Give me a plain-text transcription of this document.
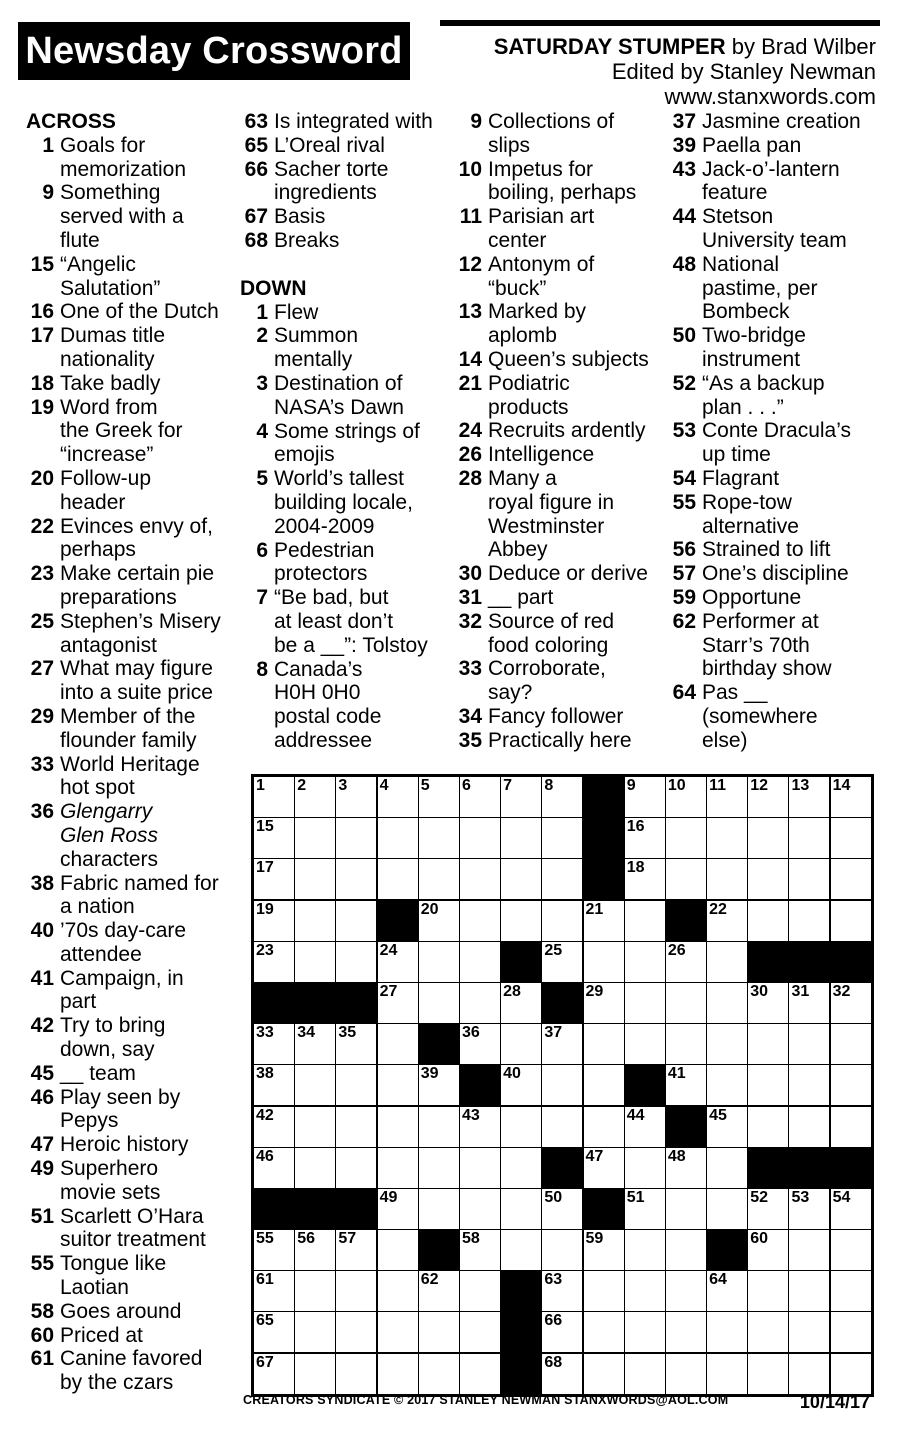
Newsday Crossword	SATURDAY STUMPER by Brad Wilber
Edited by Stanley Newman
www.stanxwords.com
ACROSS
1 Goals for
memorization
9 Something
served with a
flute
15 “Angelic
Salutation”
16 One of the Dutch
17 Dumas title
nationality
18 Take badly
19 Word from
the Greek for
“increase”
20 Follow-up
header
22 Evinces envy of,
perhaps
23 Make certain pie
preparations
25 Stephen’s Misery
antagonist
27 What may figure
into a suite price
29 Member of the
flounder family
33 World Heritage
hot spot
36 Glengarry
Glen Ross
characters
38 Fabric named for
a nation
40 ’70s day-care
attendee
41 Campaign, in
part
42 Try to bring
down, say
45 __ team
46 Play seen by
Pepys
47 Heroic history
49 Superhero
movie sets
51 Scarlett O’Hara
suitor treatment
55 Tongue like
Laotian
58 Goes around
60 Priced at
61 Canine favored
by the czars
63 Is integrated with
65 L’Oreal rival
66 Sacher torte
ingredients
67 Basis
68 Breaks
DOWN
1 Flew
2 Summon
mentally
3 Destination of
NASA’s Dawn
4 Some strings of
emojis
5 World’s tallest
building locale,
2004-2009
6 Pedestrian
protectors
7 “Be bad, but
at least don’t
be a __”: Tolstoy
8 Canada’s
H0H 0H0
postal code
addressee
9 Collections of
slips
10 Impetus for
boiling, perhaps
11 Parisian art
center
12 Antonym of
“buck”
13 Marked by
aplomb
14 Queen’s subjects
21 Podiatric
products
24 Recruits ardently
26 Intelligence
28 Many a
royal figure in
Westminster
Abbey
30 Deduce or derive
31 __ part
32 Source of red
food coloring
33 Corroborate,
say?
34 Fancy follower
35 Practically here
37 Jasmine creation
39 Paella pan
43 Jack-o’-lantern
feature
44 Stetson
University team
48 National
pastime, per
Bombeck
50 Two-bridge
instrument
52 “As a backup
plan . . .”
53 Conte Dracula’s
up time
54 Flagrant
55 Rope-tow
alternative
56 Strained to lift
57 One’s discipline
59 Opportune
62 Performer at
Starr’s 70th
birthday show
64 Pas __
(somewhere
else)
1 2 3 4 5 6 7 8	9 10 11 12 13 14
15	16
17	18
19	20	21	22
23	24	25	26
27	28	29	30 31 32
33 34 35	36	37
38	39	40	41
42	43	44	45
46	47	48
49	50	51	52 53 54
55 56 57	58	59	60
61	62	63	64
65	66
67	68
CREATORS SYNDICATE © 2017 STANLEY NEWMAN STANXWORDS@AOL.COM	10/14/17
